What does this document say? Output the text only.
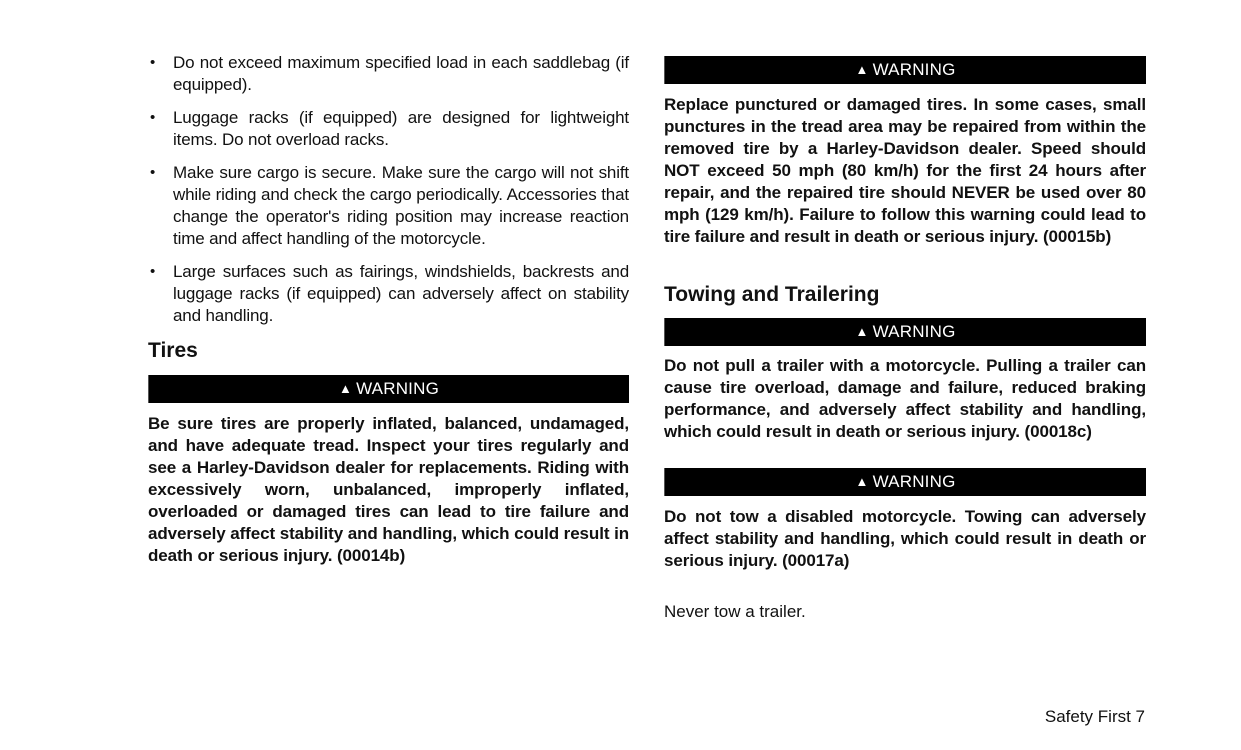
• Do not exceed maximum specified load in each saddlebag (if equipped).
• Luggage racks (if equipped) are designed for lightweight items. Do not overload racks.
• Make sure cargo is secure. Make sure the cargo will not shift while riding and check the cargo periodically. Accessories that change the operator's riding position may increase reaction time and affect handling of the motorcycle.
• Large surfaces such as fairings, windshields, backrests and luggage racks (if equipped) can adversely affect on stability and handling.
Tires
▲ WARNING

Be sure tires are properly inflated, balanced, undamaged, and have adequate tread. Inspect your tires regularly and see a Harley-Davidson dealer for replacements. Riding with excessively worn, unbalanced, improperly inflated, overloaded or damaged tires can lead to tire failure and adversely affect stability and handling, which could result in death or serious injury. (00014b)

▲ WARNING

Replace punctured or damaged tires. In some cases, small punctures in the tread area may be repaired from within the removed tire by a Harley-Davidson dealer. Speed should NOT exceed 50 mph (80 km/h) for the first 24 hours after repair, and the repaired tire should NEVER be used over 80 mph (129 km/h). Failure to follow this warning could lead to tire failure and result in death or serious injury. (00015b)

Towing and Trailering
▲ WARNING

Do not pull a trailer with a motorcycle. Pulling a trailer can cause tire overload, damage and failure, reduced braking performance, and adversely affect stability and handling, which could result in death or serious injury. (00018c)

▲ WARNING

Do not tow a disabled motorcycle. Towing can adversely affect stability and handling, which could result in death or serious injury. (00017a)

Never tow a trailer.

Safety First 7
